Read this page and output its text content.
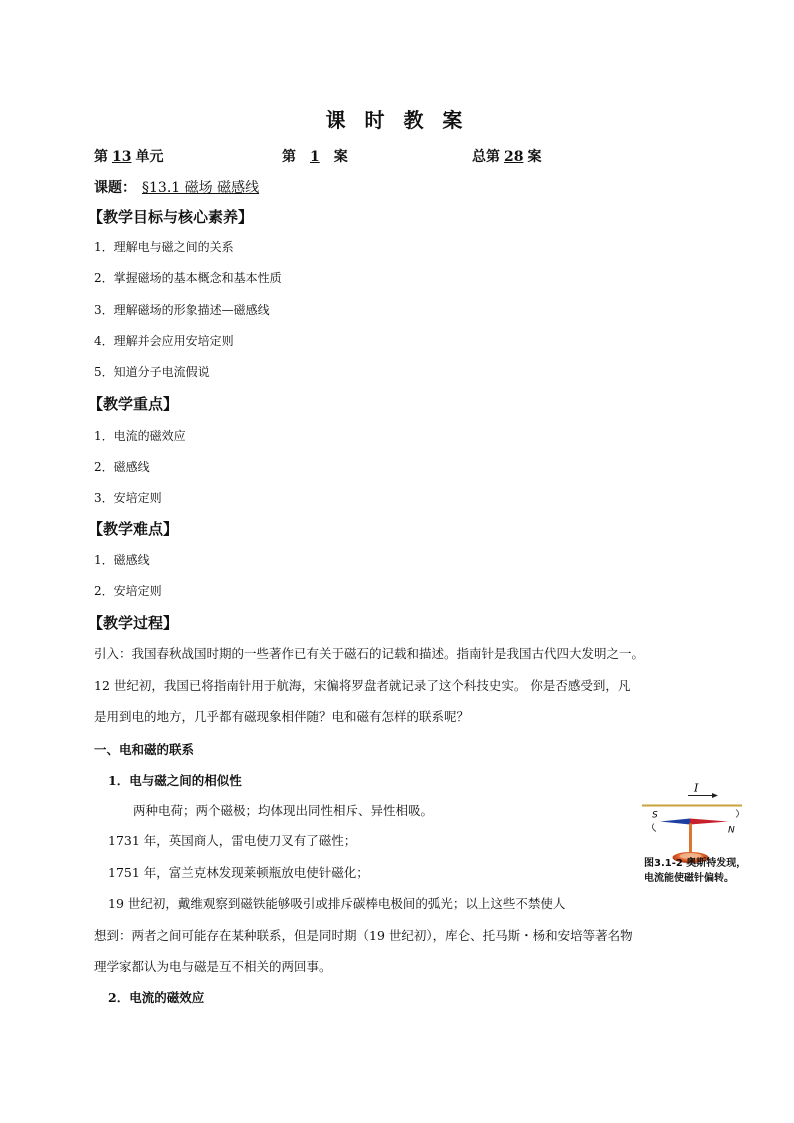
课 时 教 案
第 13 单元	第 1 案	总第 28 案
课题： §13.1 磁场 磁感线
【教学目标与核心素养】
1．理解电与磁之间的关系
2．掌握磁场的基本概念和基本性质
3．理解磁场的形象描述—磁感线
4．理解并会应用安培定则
5．知道分子电流假说
【教学重点】
1．电流的磁效应
2．磁感线
3．安培定则
【教学难点】
1．磁感线
2．安培定则
【教学过程】
引入：我国春秋战国时期的一些著作已有关于磁石的记载和描述。指南针是我国古代四大发明之一。
12 世纪初，我国已将指南针用于航海，宋徧将罗盘者就记录了这个科技史实。 你是否感受到，凡
是用到电的地方，几乎都有磁现象相伴随？电和磁有怎样的联系呢？
一、电和磁的联系
1．电与磁之间的相似性
两种电荷；两个磁极；均体现出同性相斥、异性相吸。
1731 年，英国商人，雷电使刀叉有了磁性；
1751 年，富兰克林发现莱顿瓶放电使针磁化；
19 世纪初，戴维观察到磁铁能够吸引或排斥碳棒电极间的弧光；以上这些不禁使人
想到：两者之间可能存在某种联系，但是同时期（19 世纪初），库仑、托马斯・杨和安培等著名物
理学家都认为电与磁是互不相关的两回事。
2．电流的磁效应
I
S
N
图3.1-2 奥斯特发现，
电流能使磁针偏转。
